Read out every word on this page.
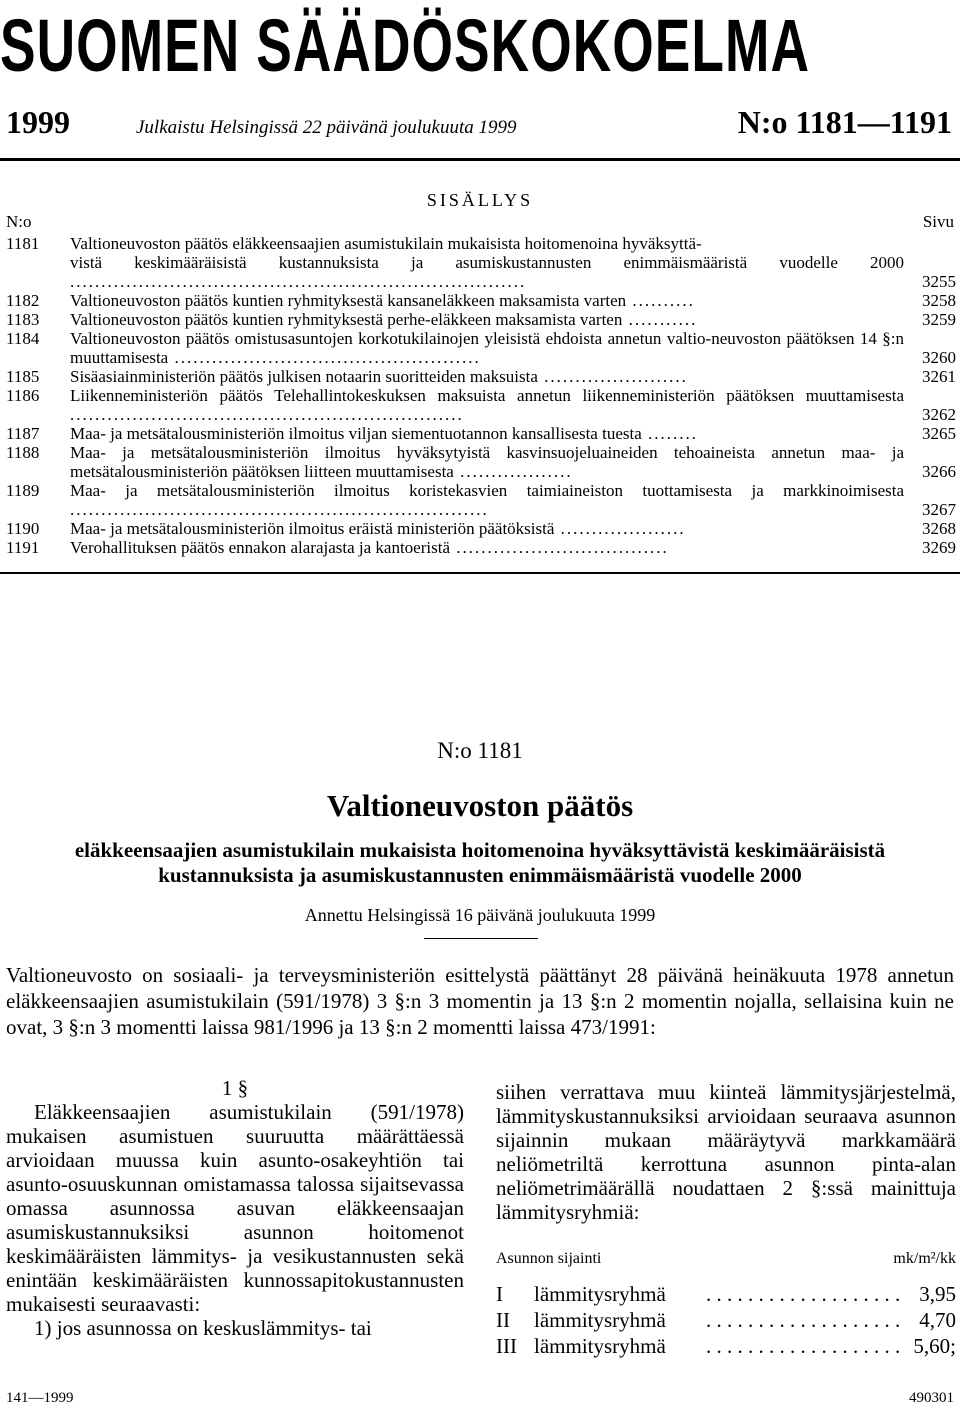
SUOMEN SÄÄDÖSKOKOELMA
1999	Julkaistu Helsingissä 22 päivänä joulukuuta 1999	N:o 1181—1191
SISÄLLYS
N:o	Sivu
1181	Valtioneuvoston päätös eläkkeensaajien asumistukilain mukaisista hoitomenoina hyväksyttä-
vistä keskimääräisistä kustannuksista ja asumiskustannusten enimmäismääristä vuodelle 2000 .........................................................................	3255
1182	Valtioneuvoston päätös kuntien ryhmityksestä kansaneläkkeen maksamista varten ..........	3258
1183	Valtioneuvoston päätös kuntien ryhmityksestä perhe-eläkkeen maksamista varten ...........	3259
1184	Valtioneuvoston päätös omistusasuntojen korkotukilainojen yleisistä ehdoista annetun valtio-neuvoston päätöksen 14 §:n muuttamisesta .................................................	3260
1185	Sisäasiainministeriön päätös julkisen notaarin suoritteiden maksuista .......................	3261
1186	Liikenneministeriön päätös Telehallintokeskuksen maksuista annetun liikenneministeriön päätöksen muuttamisesta ...............................................................	3262
1187	Maa- ja metsätalousministeriön ilmoitus viljan siementuotannon kansallisesta tuesta ........	3265
1188	Maa- ja metsätalousministeriön ilmoitus hyväksytyistä kasvinsuojeluaineiden tehoaineista annetun maa- ja metsätalousministeriön päätöksen liitteen muuttamisesta ..................	3266
1189	Maa- ja metsätalousministeriön ilmoitus koristekasvien taimiaineiston tuottamisesta ja markkinoimisesta ...................................................................	3267
1190	Maa- ja metsätalousministeriön ilmoitus eräistä ministeriön päätöksistä ....................	3268
1191	Verohallituksen päätös ennakon alarajasta ja kantoeristä ..................................	3269
N:o 1181
Valtioneuvoston päätös
eläkkeensaajien asumistukilain mukaisista hoitomenoina hyväksyttävistä keskimääräisistä kustannuksista ja asumiskustannusten enimmäismääristä vuodelle 2000
Annettu Helsingissä 16 päivänä joulukuuta 1999
Valtioneuvosto on sosiaali- ja terveysministeriön esittelystä päättänyt 28 päivänä heinäkuuta 1978 annetun eläkkeensaajien asumistukilain (591/1978) 3 §:n 3 momentin ja 13 §:n 2 momentin nojalla, sellaisina kuin ne ovat, 3 §:n 3 momentti laissa 981/1996 ja 13 §:n 2 momentti laissa 473/1991:

1 §

Eläkkeensaajien asumistukilain (591/1978) mukaisen asumistuen suuruutta määrättäessä arvioidaan muussa kuin asunto-osakeyhtiön tai asunto-osuuskunnan omistamassa talossa sijaitsevassa omassa asunnossa asuvan eläkkeensaajan asumiskustannuksiksi asunnon hoitomenot keskimääräisten lämmitys- ja vesikustannusten sekä enintään keskimääräisten kunnossapitokustannusten mukaisesti seuraavasti:

1) jos asunnossa on keskuslämmitys- tai

siihen verrattava muu kiinteä lämmitysjärjestelmä, lämmityskustannuksiksi arvioidaan seuraava asunnon sijainnin mukaan määräytyvä markkamäärä neliömetriltä kerrottuna asunnon pinta-alan neliömetrimäärällä noudattaen 2 §:ssä mainittuja lämmitysryhmiä:

Asunnon sijainti	mk/m²/kk
I lämmitysryhmä . . . . . . . . . . . . . . . . . . . 3,95
II lämmitysryhmä . . . . . . . . . . . . . . . . . . . 4,70
III lämmitysryhmä . . . . . . . . . . . . . . . . . . . 5,60;
141—1999	490301
